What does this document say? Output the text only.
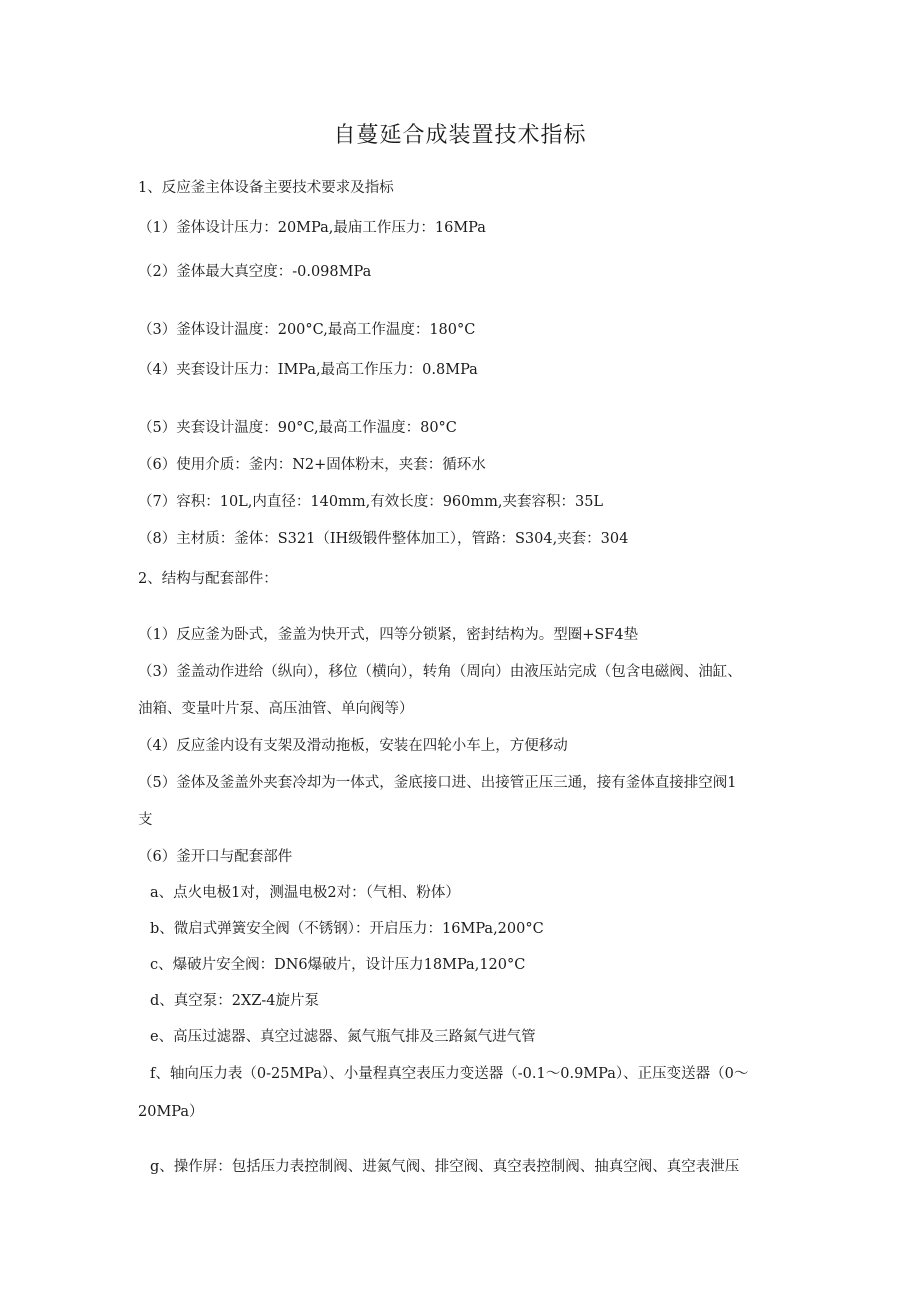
自蔓延合成装置技术指标
1、反应釜主体设备主要技术要求及指标
（1）釜体设计压力：20MPa,最庙工作压力：16MPa
（2）釜体最大真空度：-0.098MPa
（3）釜体设计温度：200°C,最高工作温度：180°C
（4）夹套设计压力：IMPa,最高工作压力：0.8MPa
（5）夹套设计温度：90°C,最高工作温度：80°C
（6）使用介质：釜内：N2+固体粉末，夹套：循环水
（7）容积：10L,内直径：140mm,有效长度：960mm,夹套容积：35L
（8）主材质：釜体：S321（IH级锻件整体加工），管路：S304,夹套：304
2、结构与配套部件：
（1）反应釜为卧式，釜盖为快开式，四等分锁紧，密封结构为。型圈+SF4垫
（3）釜盖动作进给（纵向），移位（横向），转角（周向）由液压站完成（包含电磁阀、油缸、
油箱、变量叶片泵、高压油管、单向阀等）
（4）反应釜内设有支架及滑动拖板，安装在四轮小车上，方便移动
（5）釜体及釜盖外夹套冷却为一体式，釜底接口进、出接管正压三通，接有釜体直接排空阀1
支
（6）釜开口与配套部件
a、点火电极1对，测温电极2对：（气相、粉体）
b、微启式弹簧安全阀（不锈钢）：开启压力：16MPa,200°C
c、爆破片安全阀：DN6爆破片，设计压力18MPa,120°C
d、真空泵：2XZ-4旋片泵
e、高压过滤器、真空过滤器、氮气瓶气排及三路氮气进气管
f、轴向压力表（0-25MPa）、小量程真空表压力变送器（-0.1～0.9MPa）、正压变送器（0～
20MPa）
g、操作屏：包括压力表控制阀、进氮气阀、排空阀、真空表控制阀、抽真空阀、真空表泄压
